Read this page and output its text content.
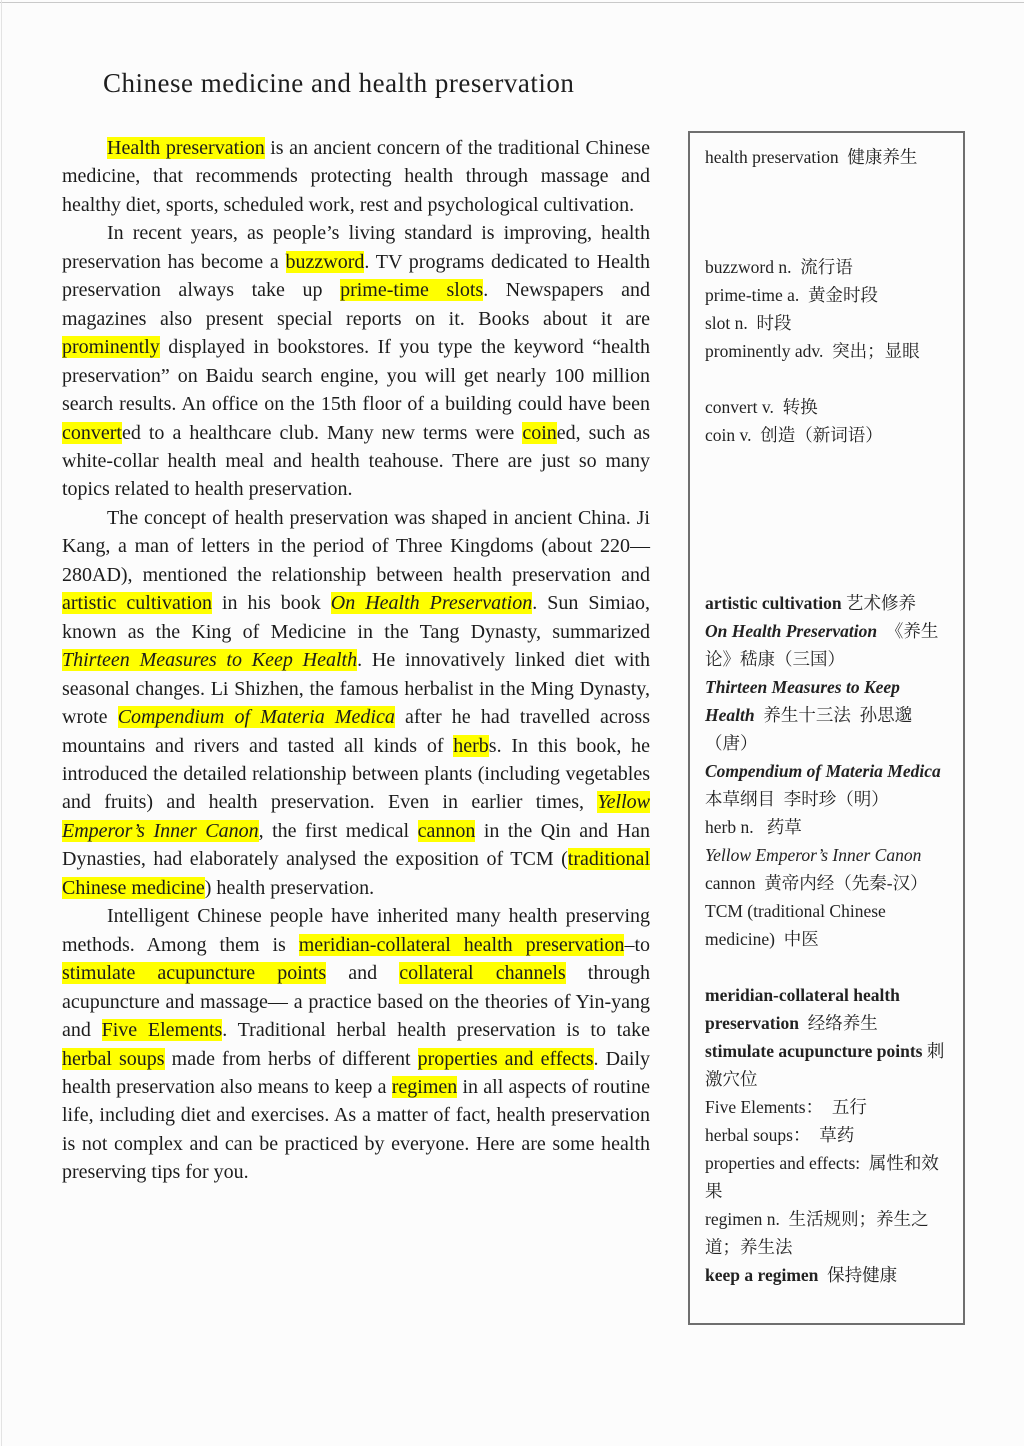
Chinese medicine and health preservation

Health preservation is an ancient concern of the traditional Chinese medicine, that recommends protecting health through massage and healthy diet, sports, scheduled work, rest and psychological cultivation.

In recent years, as people’s living standard is improving, health preservation has become a buzzword. TV programs dedicated to Health preservation always take up prime-time slots. Newspapers and magazines also present special reports on it. Books about it are prominently displayed in bookstores. If you type the keyword “health preservation” on Baidu search engine, you will get nearly 100 million search results. An office on the 15th floor of a building could have been converted to a healthcare club. Many new terms were coined, such as white-collar health meal and health teahouse. There are just so many topics related to health preservation.

The concept of health preservation was shaped in ancient China. Ji Kang, a man of letters in the period of Three Kingdoms (about 220—280AD), mentioned the relationship between health preservation and artistic cultivation in his book On Health Preservation. Sun Simiao, known as the King of Medicine in the Tang Dynasty, summarized Thirteen Measures to Keep Health. He innovatively linked diet with seasonal changes. Li Shizhen, the famous herbalist in the Ming Dynasty, wrote Compendium of Materia Medica after he had travelled across mountains and rivers and tasted all kinds of herbs. In this book, he introduced the detailed relationship between plants (including vegetables and fruits) and health preservation. Even in earlier times, Yellow Emperor’s Inner Canon, the first medical cannon in the Qin and Han Dynasties, had elaborately analysed the exposition of TCM (traditional Chinese medicine) health preservation.

Intelligent Chinese people have inherited many health preserving methods. Among them is meridian-collateral health preservation–to stimulate acupuncture points and collateral channels through acupuncture and massage— a practice based on the theories of Yin-yang and Five Elements. Traditional herbal health preservation is to take herbal soups made from herbs of different properties and effects. Daily health preservation also means to keep a regimen in all aspects of routine life, including diet and exercises. As a matter of fact, health preservation is not complex and can be practiced by everyone. Here are some health preserving tips for you.

health preservation  健康养生
buzzword n.  流行语
prime-time a.  黄金时段
slot n.  时段
prominently adv.  突出；显眼
convert v.  转换
coin v.  创造（新词语）
artistic cultivation 艺术修养
On Health Preservation  《养生论》嵇康（三国）
Thirteen Measures to Keep Health  养生十三法  孙思邈（唐）
Compendium of Materia Medica 本草纲目  李时珍（明）
herb n.   药草
Yellow Emperor’s Inner Canon cannon  黄帝内经（先秦-汉）
TCM (traditional Chinese medicine)  中医
meridian-collateral health preservation  经络养生
stimulate acupuncture points 刺激穴位
Five Elements：  五行
herbal soups：  草药
properties and effects:  属性和效果
regimen n.  生活规则；养生之道；养生法
keep a regimen  保持健康
